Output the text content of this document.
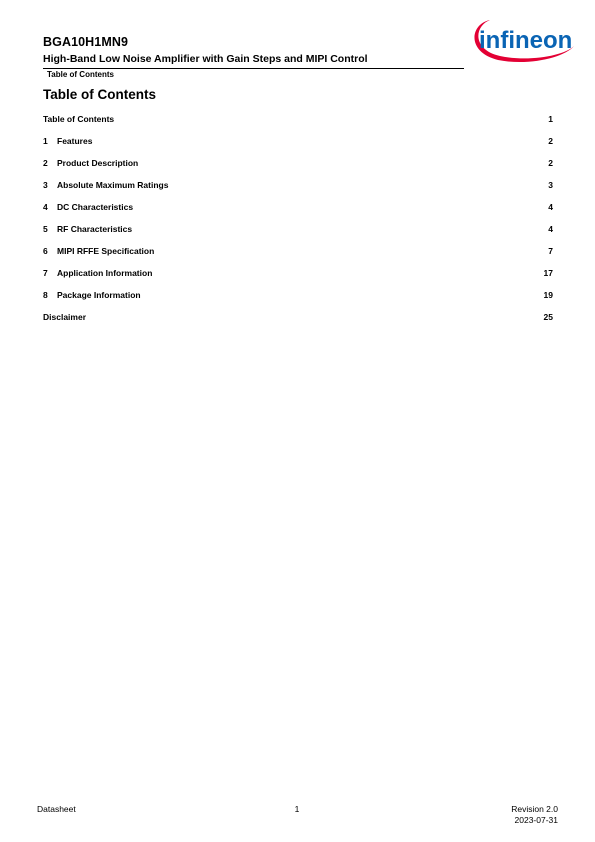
BGA10H1MN9
High-Band Low Noise Amplifier with Gain Steps and MIPI Control
Table of Contents
infineon
Table of Contents
Table of Contents	1
1	Features	2
2	Product Description	2
3	Absolute Maximum Ratings	3
4	DC Characteristics	4
5	RF Characteristics	4
6	MIPI RFFE Specification	7
7	Application Information	17
8	Package Information	19
Disclaimer	25
Datasheet	1	Revision 2.0
2023-07-31
